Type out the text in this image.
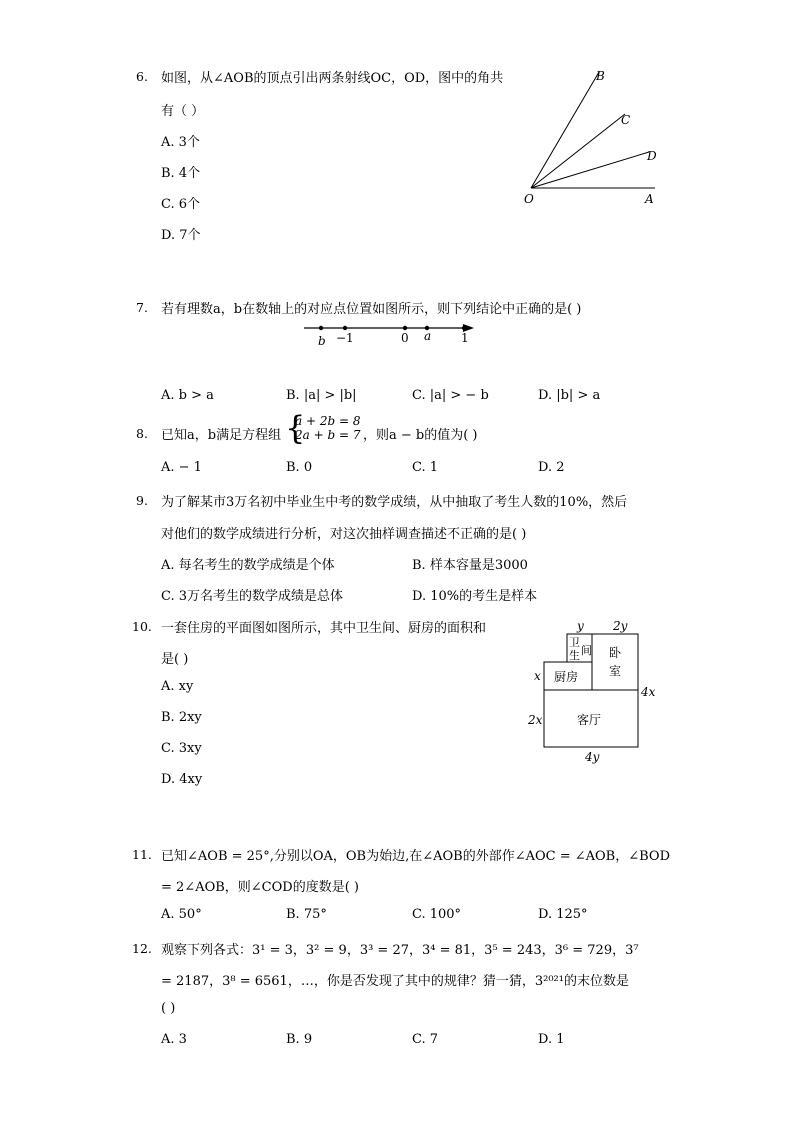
6. 如图，从∠AOB的顶点引出两条射线OC，OD，图中的角共
有（ ）
A. 3个
B. 4个
C. 6个
D. 7个
B
C
D
O	A
7. 若有理数a，b在数轴上的对应点位置如图所示，则下列结论中正确的是( )
b −1	0 a 1
A. b > a	B. |a| > |b|	C. |a| > − b	D. |b| > a
8. 已知a，b满足方程组 {
a + 2b = 8
2a + b = 7 ，则a − b的值为( )
A. − 1	B. 0	C. 1	D. 2
9. 为了解某市3万名初中毕业生中考的数学成绩，从中抽取了考生人数的10%，然后
对他们的数学成绩进行分析，对这次抽样调查描述不正确的是( )
A. 每名考生的数学成绩是个体	B. 样本容量是3000
C. 3万名考生的数学成绩是总体	D. 10%的考生是样本
10. 一套住房的平面图如图所示，其中卫生间、厨房的面积和
是( )
A. xy
B. 2xy
C. 3xy
D. 4xy
y 2y
卫
生 间 卧
室
厨房
客厅
x
2x
4x
4y
11. 已知∠AOB = 25°,分别以OA，OB为始边,在∠AOB的外部作∠AOC = ∠AOB，∠BOD
= 2∠AOB，则∠COD的度数是( )
A. 50°	B. 75°	C. 100°	D. 125°
12. 观察下列各式：3¹ = 3，3² = 9，3³ = 27，3⁴ = 81，3⁵ = 243，3⁶ = 729，3⁷
= 2187，3⁸ = 6561，…，你是否发现了其中的规律？猜一猜，3²⁰²¹的末位数是
( )
A. 3	B. 9	C. 7	D. 1
